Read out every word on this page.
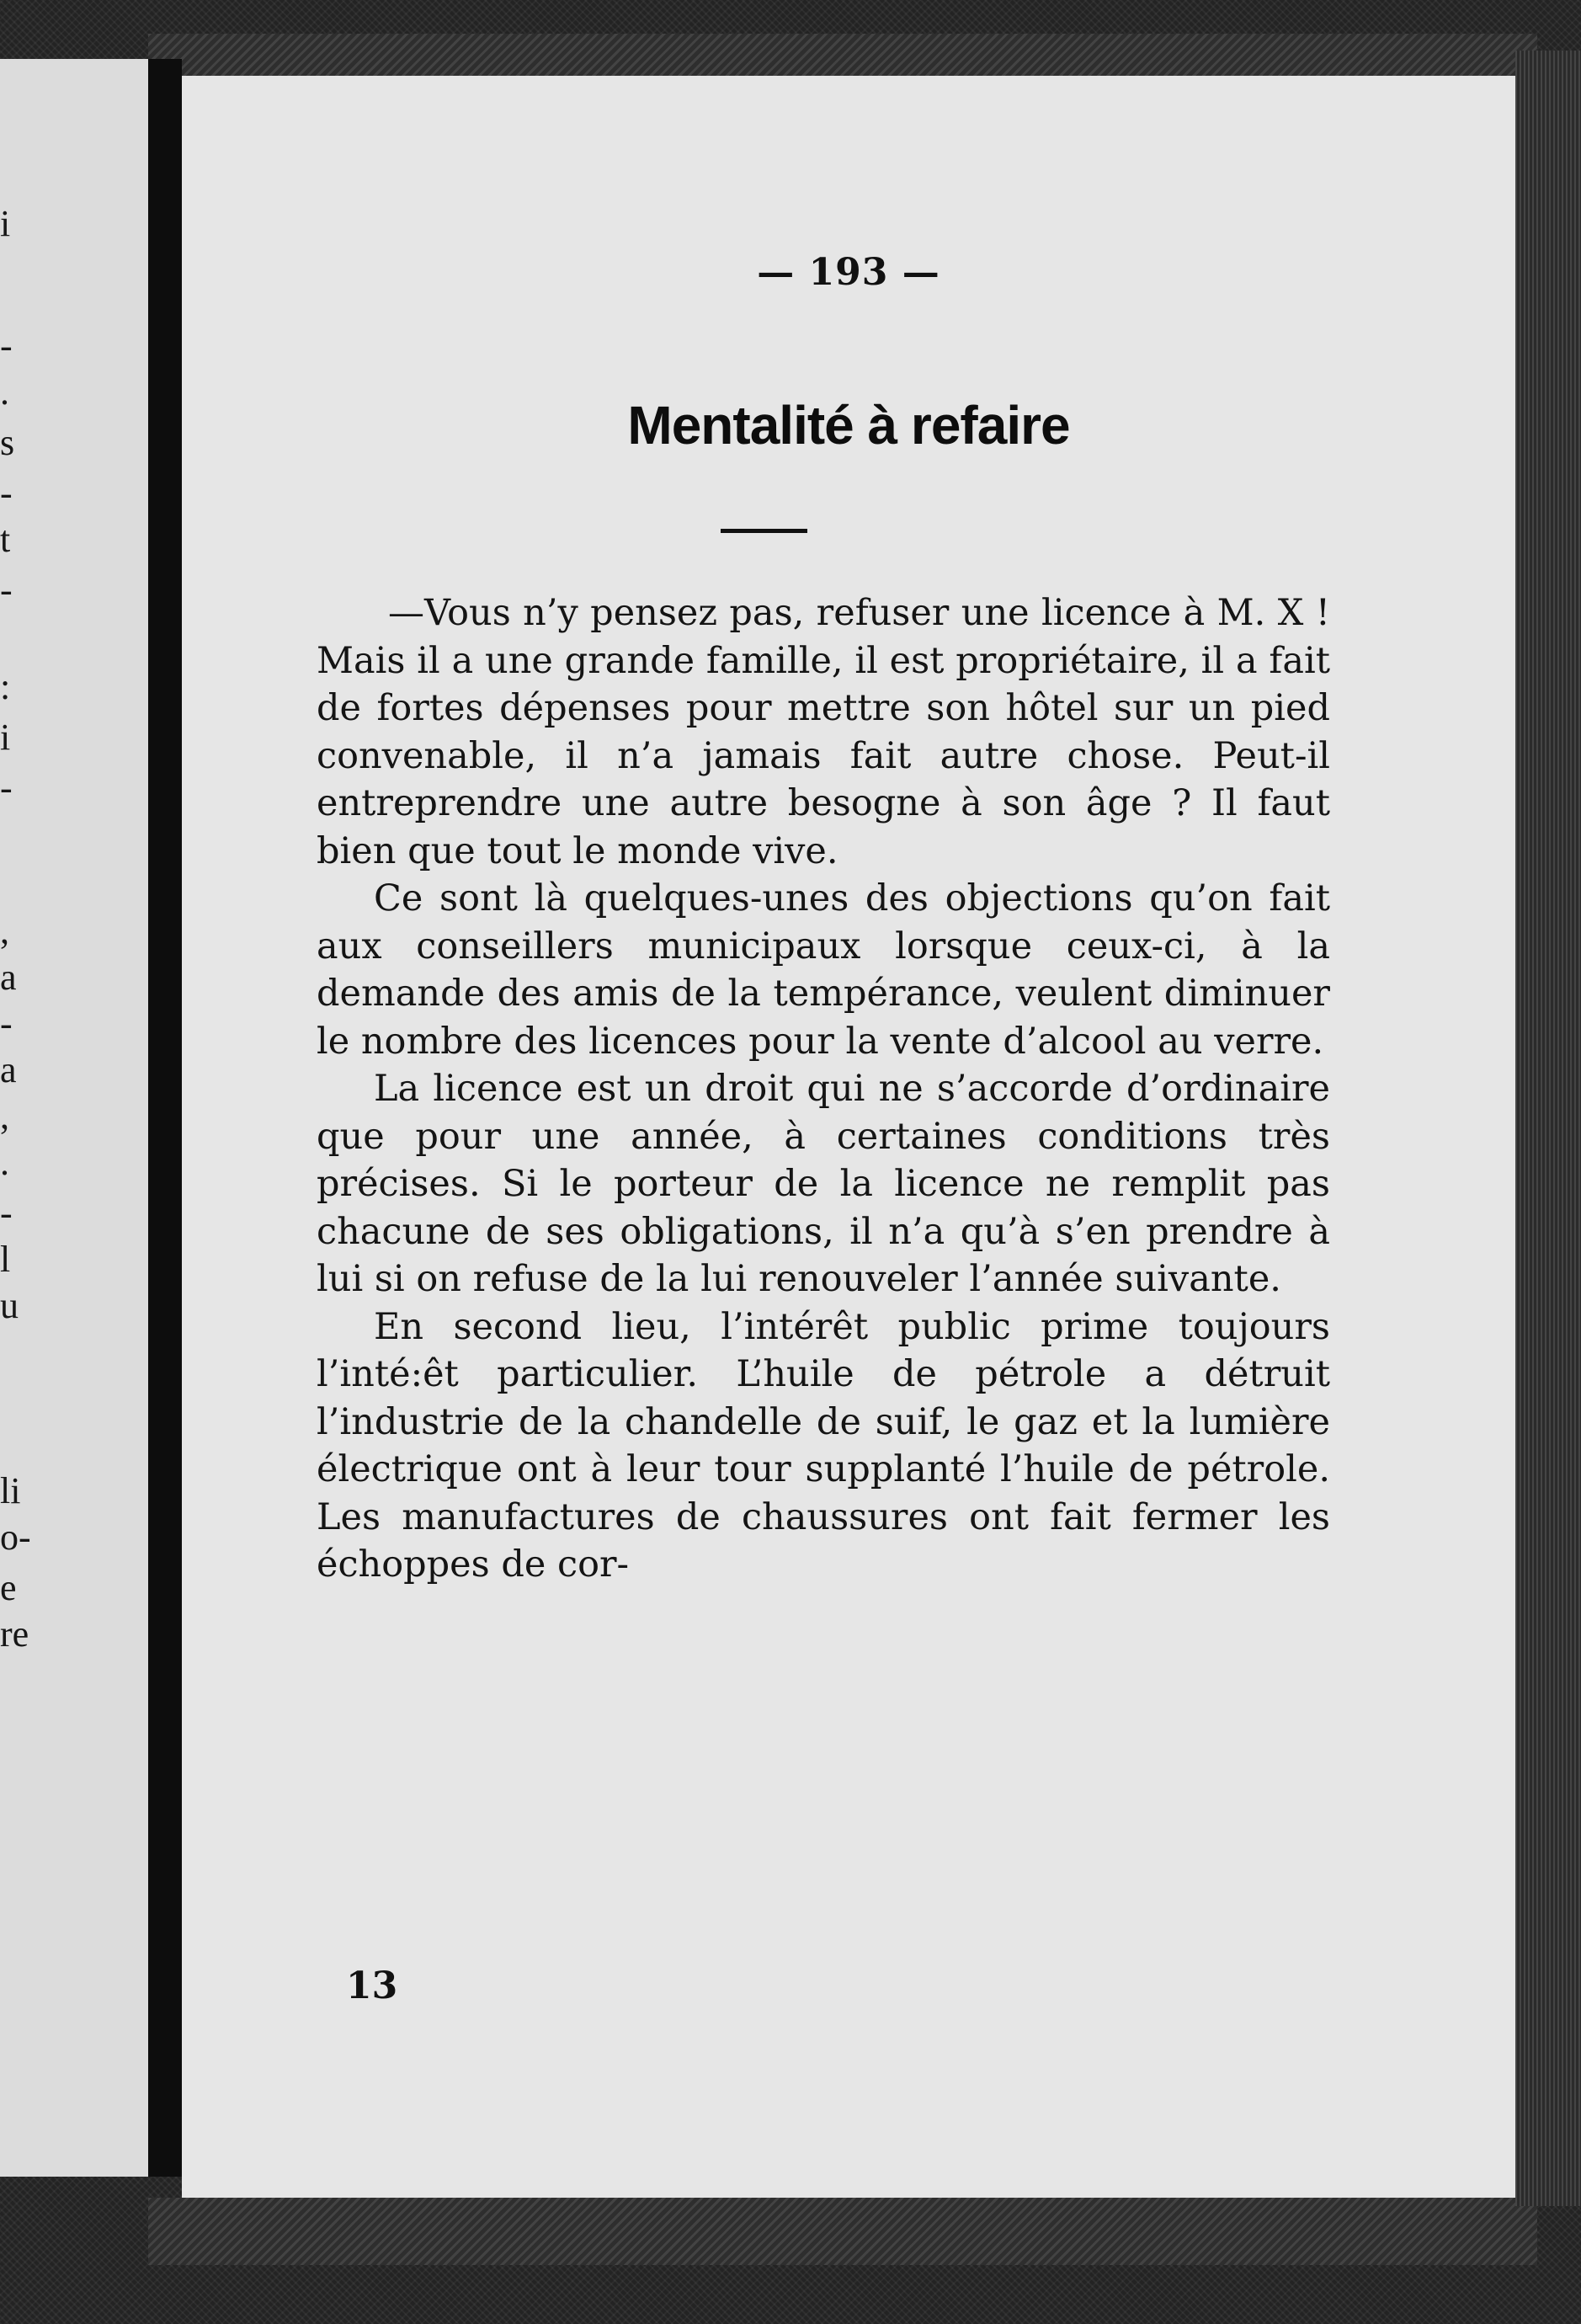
i
-
.
s
-
t
-
:
i
-
,
a
-
a
,
.
-
l
u
li
o-
e
re
— 193 —
Mentalité à refaire

—Vous n’y pensez pas, refuser une licence à M. X ! Mais il a une grande famille, il est propriétaire, il a fait de fortes dépenses pour mettre son hôtel sur un pied convenable, il n’a jamais fait autre chose. Peut-il entreprendre une autre besogne à son âge ? Il faut bien que tout le monde vive.

Ce sont là quelques-unes des objections qu’on fait aux conseillers municipaux lorsque ceux-ci, à la demande des amis de la tempérance, veulent diminuer le nombre des licences pour la vente d’alcool au verre.

La licence est un droit qui ne s’accorde d’ordinaire que pour une année, à certaines conditions très précises. Si le porteur de la licence ne remplit pas chacune de ses obligations, il n’a qu’à s’en prendre à lui si on refuse de la lui renouveler l’année suivante.

En second lieu, l’intérêt public prime toujours l’inté:êt particulier. L’huile de pétrole a détruit l’industrie de la chandelle de suif, le gaz et la lumière électrique ont à leur tour supplanté l’huile de pétrole. Les manufactures de chaussures ont fait fermer les échoppes de cor-

13
